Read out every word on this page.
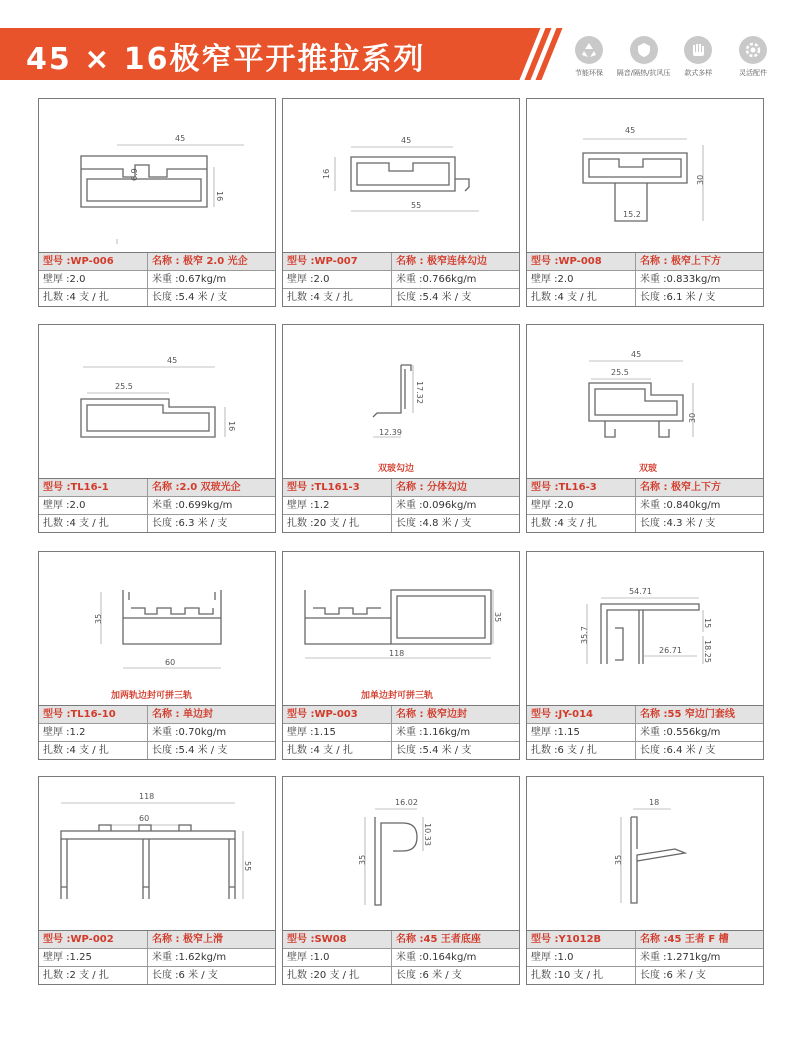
45 × 16极窄平开推拉系列	节能环保 隔音/隔热/抗风压 款式多样	灵活配件
45
16
6.9
型号 :WP-006	名称 : 极窄 2.0 光企
壁厚 :2.0	米重 :0.67kg/m
扎数 :4 支 / 扎	长度 :5.4 米 / 支
45
16
55
型号 :WP-007	名称 : 极窄连体勾边
壁厚 :2.0	米重 :0.766kg/m
扎数 :4 支 / 扎	长度 :5.4 米 / 支
45
30
15.2
型号 :WP-008	名称 : 极窄上下方
壁厚 :2.0	米重 :0.833kg/m
扎数 :4 支 / 扎	长度 :6.1 米 / 支
45
25.5
16
型号 :TL16-1	名称 :2.0 双玻光企
壁厚 :2.0	米重 :0.699kg/m
扎数 :4 支 / 扎	长度 :6.3 米 / 支
17.32
12.39
双玻勾边
型号 :TL161-3	名称 : 分体勾边
壁厚 :1.2	米重 :0.096kg/m
扎数 :20 支 / 扎	长度 :4.8 米 / 支
45
25.5
30
双玻
型号 :TL16-3	名称 : 极窄上下方
壁厚 :2.0	米重 :0.840kg/m
扎数 :4 支 / 扎	长度 :4.3 米 / 支
35
60
加两轨边封可拼三轨
型号 :TL16-10	名称 : 单边封
壁厚 :1.2	米重 :0.70kg/m
扎数 :4 支 / 扎	长度 :5.4 米 / 支
35
118
加单边封可拼三轨
型号 :WP-003	名称 : 极窄边封
壁厚 :1.15	米重 :1.16kg/m
扎数 :4 支 / 扎	长度 :5.4 米 / 支
54.71
35.7
15
26.71	18.25
型号 :JY-014	名称 :55 窄边门套线
壁厚 :1.15	米重 :0.556kg/m
扎数 :6 支 / 扎	长度 :6.4 米 / 支
118
60
55
型号 :WP-002	名称 : 极窄上滑
壁厚 :1.25	米重 :1.62kg/m
扎数 :2 支 / 扎	长度 :6 米 / 支
16.02
10.33
35
型号 :SW08	名称 :45 王者底座
壁厚 :1.0	米重 :0.164kg/m
扎数 :20 支 / 扎	长度 :6 米 / 支
18
35
型号 :Y1012B	名称 :45 王者 F 槽
壁厚 :1.0	米重 :1.271kg/m
扎数 :10 支 / 扎	长度 :6 米 / 支
